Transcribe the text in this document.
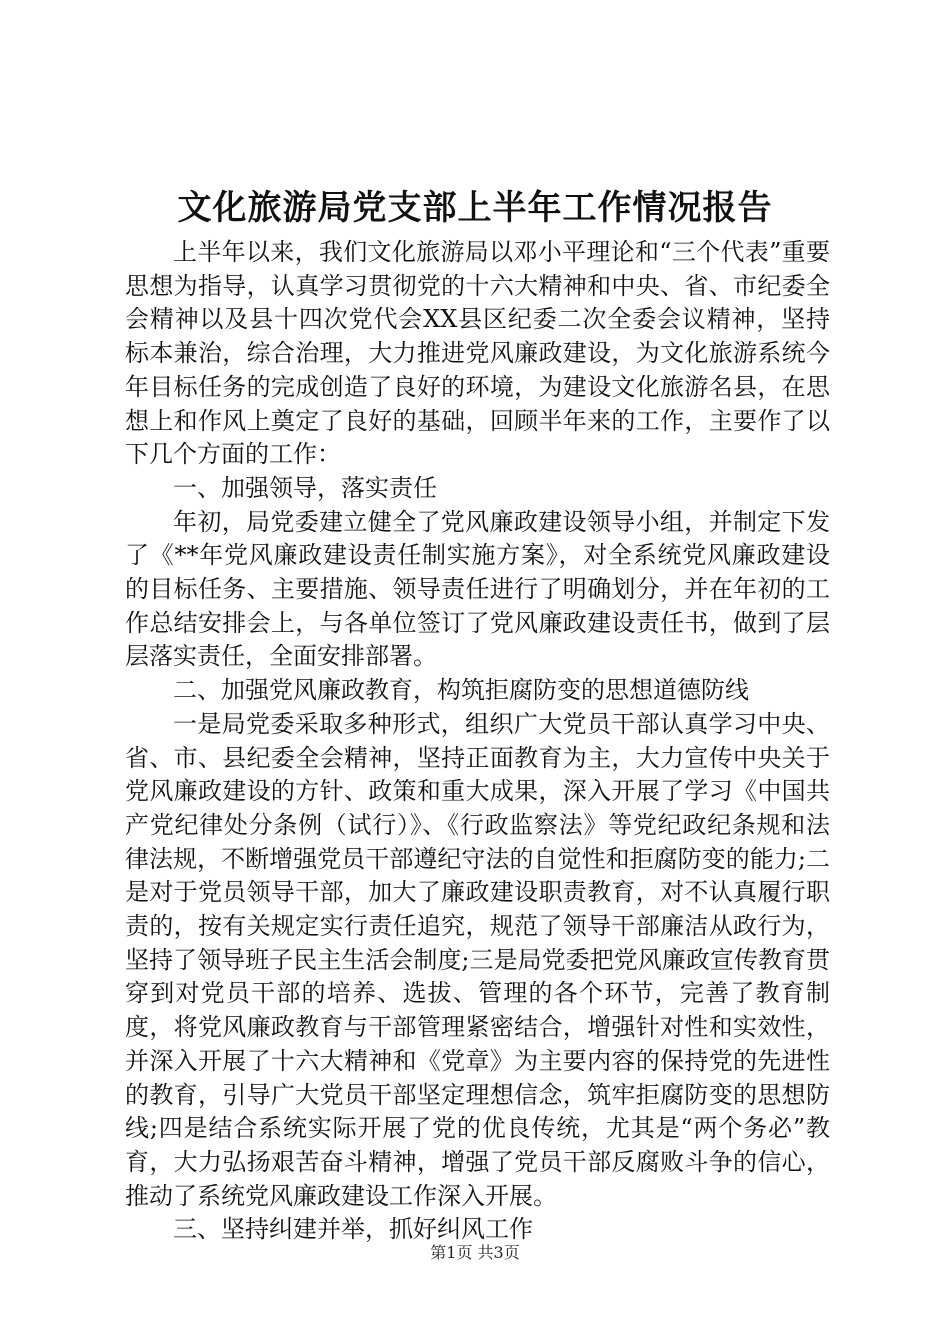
文化旅游局党支部上半年工作情况报告

上半年以来，我们文化旅游局以邓小平理论和“三个代表”重要思想为指导，认真学习贯彻党的十六大精神和中央、省、市纪委全会精神以及县十四次党代会XX县区纪委二次全委会议精神，坚持标本兼治，综合治理，大力推进党风廉政建设，为文化旅游系统今年目标任务的完成创造了良好的环境，为建设文化旅游名县，在思想上和作风上奠定了良好的基础，回顾半年来的工作，主要作了以下几个方面的工作：

一、加强领导，落实责任

年初，局党委建立健全了党风廉政建设领导小组，并制定下发了《**年党风廉政建设责任制实施方案》，对全系统党风廉政建设的目标任务、主要措施、领导责任进行了明确划分，并在年初的工作总结安排会上，与各单位签订了党风廉政建设责任书，做到了层层落实责任，全面安排部署。

二、加强党风廉政教育，构筑拒腐防变的思想道德防线

一是局党委采取多种形式，组织广大党员干部认真学习中央、省、市、县纪委全会精神，坚持正面教育为主，大力宣传中央关于党风廉政建设的方针、政策和重大成果，深入开展了学习《中国共产党纪律处分条例（试行）》、《行政监察法》等党纪政纪条规和法律法规，不断增强党员干部遵纪守法的自觉性和拒腐防变的能力;二是对于党员领导干部，加大了廉政建设职责教育，对不认真履行职责的，按有关规定实行责任追究，规范了领导干部廉洁从政行为，坚持了领导班子民主生活会制度;三是局党委把党风廉政宣传教育贯穿到对党员干部的培养、选拔、管理的各个环节，完善了教育制度，将党风廉政教育与干部管理紧密结合，增强针对性和实效性，并深入开展了十六大精神和《党章》为主要内容的保持党的先进性的教育，引导广大党员干部坚定理想信念，筑牢拒腐防变的思想防线;四是结合系统实际开展了党的优良传统，尤其是“两个务必”教育，大力弘扬艰苦奋斗精神，增强了党员干部反腐败斗争的信心，推动了系统党风廉政建设工作深入开展。

三、坚持纠建并举，抓好纠风工作

第1页 共3页
